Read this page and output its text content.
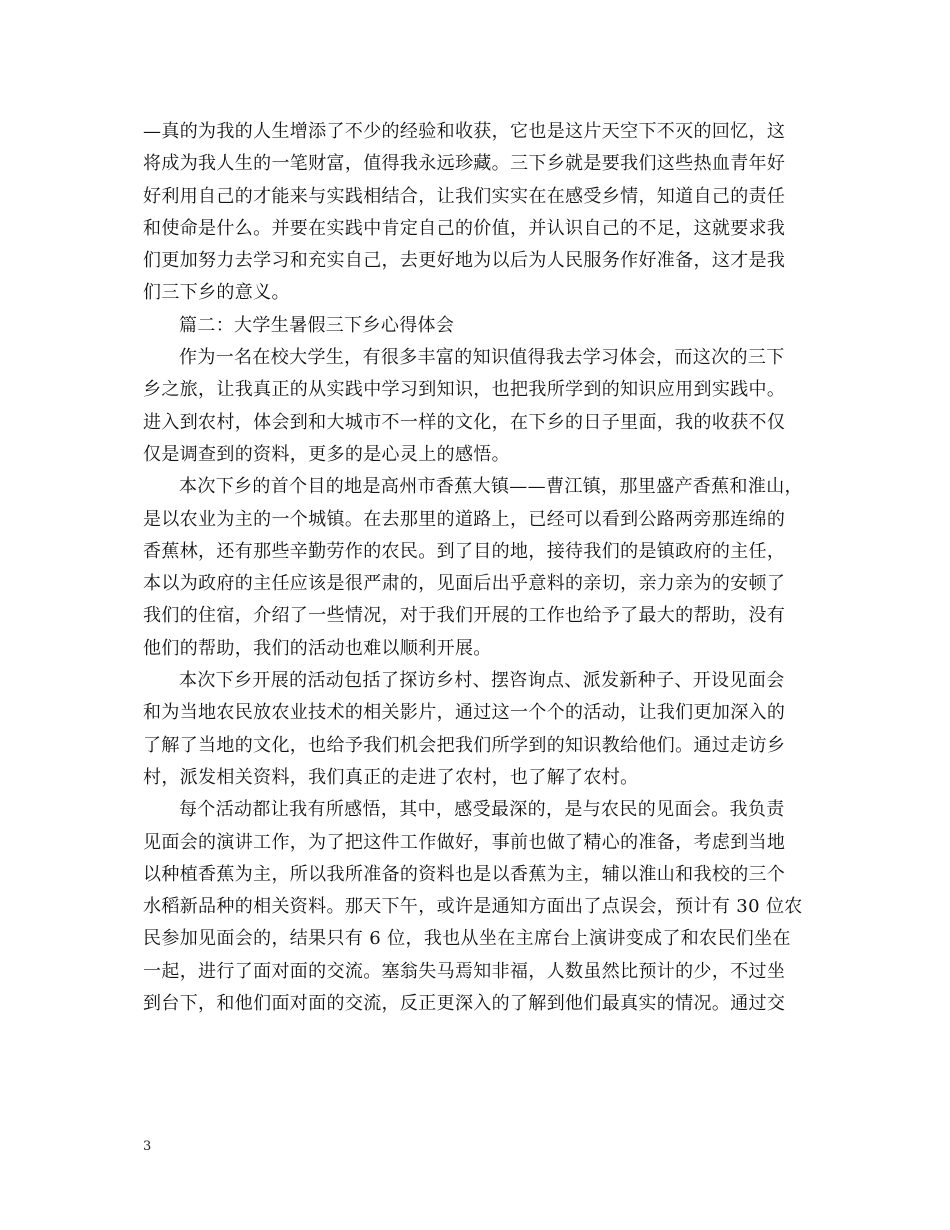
—真的为我的人生增添了不少的经验和收获，它也是这片天空下不灭的回忆，这
将成为我人生的一笔财富，值得我永远珍藏。三下乡就是要我们这些热血青年好
好利用自己的才能来与实践相结合，让我们实实在在感受乡情，知道自己的责任
和使命是什么。并要在实践中肯定自己的价值，并认识自己的不足，这就要求我
们更加努力去学习和充实自己，去更好地为以后为人民服务作好准备，这才是我
们三下乡的意义。
篇二：大学生暑假三下乡心得体会
作为一名在校大学生，有很多丰富的知识值得我去学习体会，而这次的三下
乡之旅，让我真正的从实践中学习到知识，也把我所学到的知识应用到实践中。
进入到农村，体会到和大城市不一样的文化，在下乡的日子里面，我的收获不仅
仅是调查到的资料，更多的是心灵上的感悟。
本次下乡的首个目的地是高州市香蕉大镇——曹江镇，那里盛产香蕉和淮山，
是以农业为主的一个城镇。在去那里的道路上，已经可以看到公路两旁那连绵的
香蕉林，还有那些辛勤劳作的农民。到了目的地，接待我们的是镇政府的主任，
本以为政府的主任应该是很严肃的，见面后出乎意料的亲切，亲力亲为的安顿了
我们的住宿，介绍了一些情况，对于我们开展的工作也给予了最大的帮助，没有
他们的帮助，我们的活动也难以顺利开展。
本次下乡开展的活动包括了探访乡村、摆咨询点、派发新种子、开设见面会
和为当地农民放农业技术的相关影片，通过这一个个的活动，让我们更加深入的
了解了当地的文化，也给予我们机会把我们所学到的知识教给他们。通过走访乡
村，派发相关资料，我们真正的走进了农村，也了解了农村。
每个活动都让我有所感悟，其中，感受最深的，是与农民的见面会。我负责
见面会的演讲工作，为了把这件工作做好，事前也做了精心的准备，考虑到当地
以种植香蕉为主，所以我所准备的资料也是以香蕉为主，辅以淮山和我校的三个
水稻新品种的相关资料。那天下午，或许是通知方面出了点误会，预计有 30 位农
民参加见面会的，结果只有 6 位，我也从坐在主席台上演讲变成了和农民们坐在
一起，进行了面对面的交流。塞翁失马焉知非福，人数虽然比预计的少，不过坐
到台下，和他们面对面的交流，反正更深入的了解到他们最真实的情况。通过交
3
